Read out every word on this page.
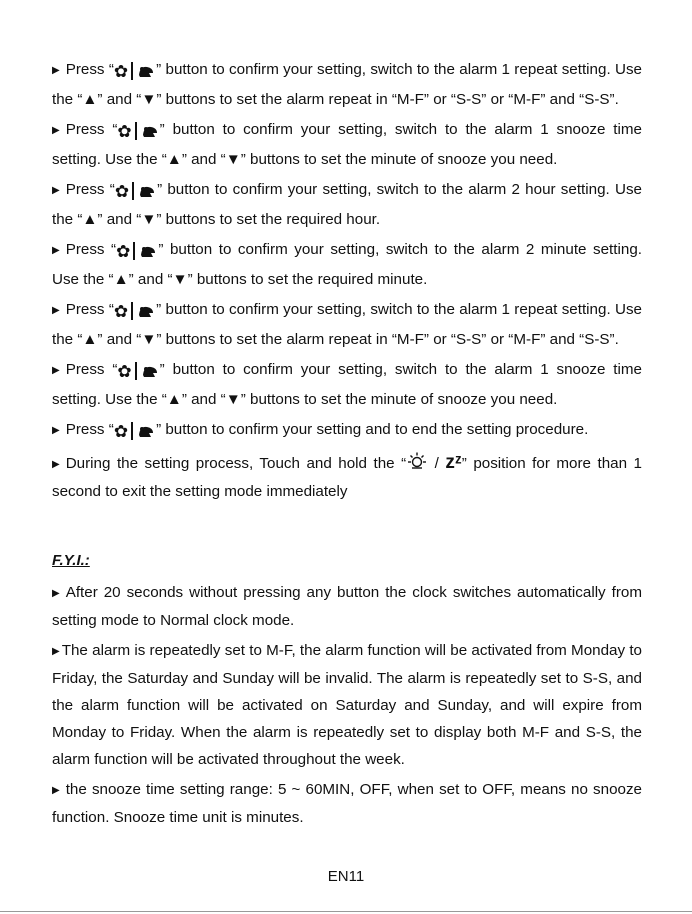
▶ Press “✿ ” button to confirm your setting, switch to the alarm 1 repeat setting. Use the “▲” and “▼” buttons to set the alarm repeat in “M-F” or “S-S” or “M-F” and “S-S”.
▶ Press “✿ ” button to confirm your setting, switch to the alarm 1 snooze time setting. Use the “▲” and “▼” buttons to set the minute of snooze you need.
▶ Press “✿ ” button to confirm your setting, switch to the alarm 2 hour setting. Use the “▲” and “▼” buttons to set the required hour.
▶ Press “✿ ” button to confirm your setting, switch to the alarm 2 minute setting. Use the “▲” and “▼” buttons to set the required minute.
▶ Press “✿ ” button to confirm your setting, switch to the alarm 1 repeat setting. Use the “▲” and “▼” buttons to set the alarm repeat in “M-F” or “S-S” or “M-F” and “S-S”.
▶ Press “✿ ” button to confirm your setting, switch to the alarm 1 snooze time setting. Use the “▲” and “▼” buttons to set the minute of snooze you need.
▶ Press “✿ ” button to confirm your setting and to end the setting procedure.
▶ During the setting process, Touch and hold the “ / zᶻ” position for more than 1 second to exit the setting mode immediately
F.Y.I.:
▶ After 20 seconds without pressing any button the clock switches automatically from setting mode to Normal clock mode.
▶ The alarm is repeatedly set to M-F, the alarm function will be activated from Monday to Friday, the Saturday and Sunday will be invalid. The alarm is repeatedly set to S-S, and the alarm function will be activated on Saturday and Sunday, and will expire from Monday to Friday. When the alarm is repeatedly set to display both M-F and S-S, the alarm function will be activated throughout the week.
▶ the snooze time setting range: 5 ~ 60MIN, OFF, when set to OFF, means no snooze function. Snooze time unit is minutes.
EN11
